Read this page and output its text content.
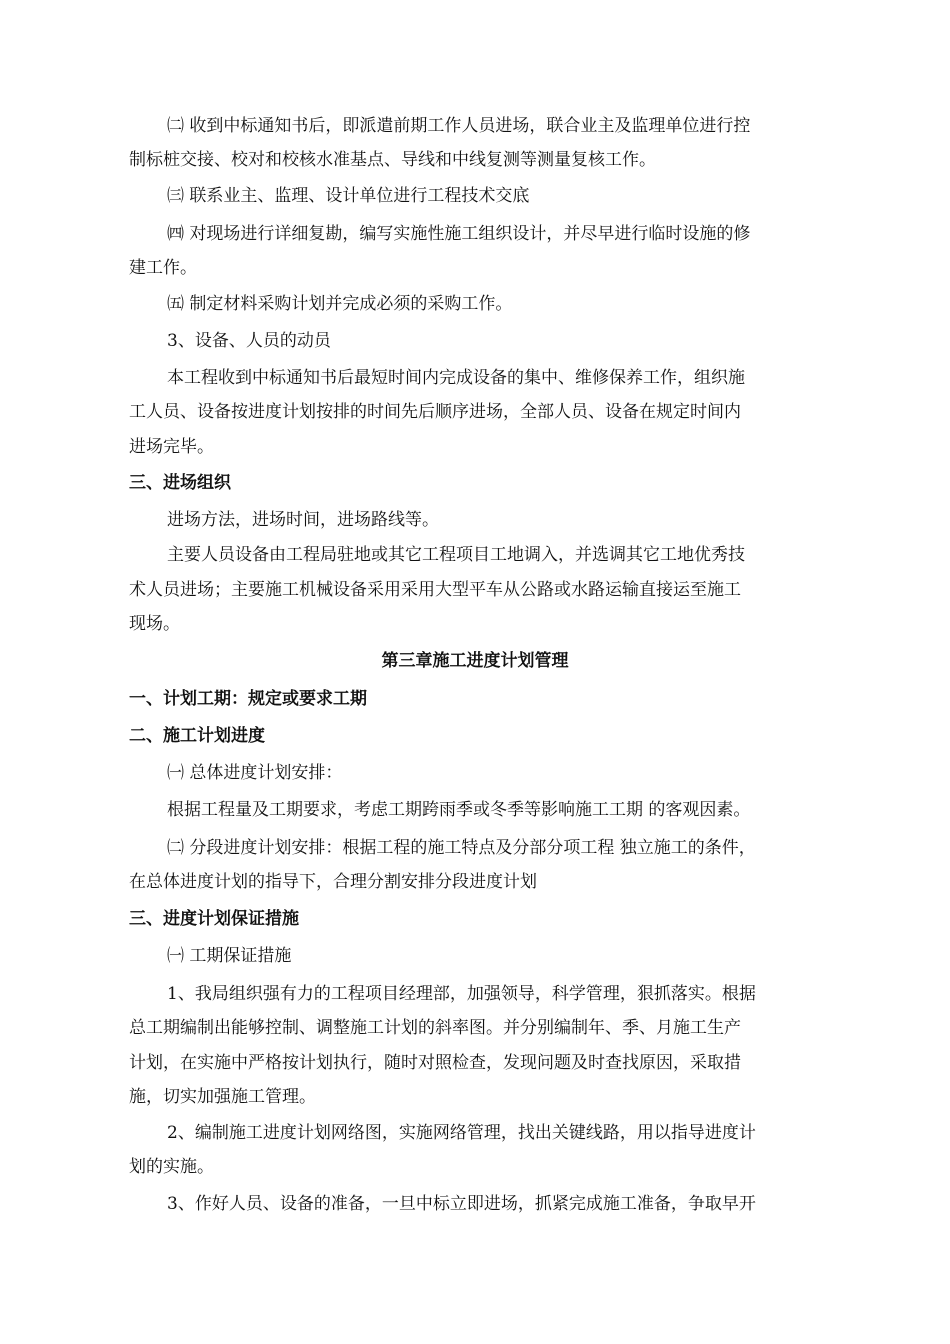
㈡ 收到中标通知书后，即派遣前期工作人员进场，联合业主及监理单位进行控
制标桩交接、校对和校核水准基点、导线和中线复测等测量复核工作。
㈢ 联系业主、监理、设计单位进行工程技术交底
㈣ 对现场进行详细复勘，编写实施性施工组织设计，并尽早进行临时设施的修
建工作。
㈤ 制定材料采购计划并完成必须的采购工作。
3、设备、人员的动员
本工程收到中标通知书后最短时间内完成设备的集中、维修保养工作，组织施
工人员、设备按进度计划按排的时间先后顺序进场，全部人员、设备在规定时间内
进场完毕。
三、进场组织
进场方法，进场时间，进场路线等。
主要人员设备由工程局驻地或其它工程项目工地调入，并选调其它工地优秀技
术人员进场；主要施工机械设备采用采用大型平车从公路或水路运输直接运至施工
现场。
第三章施工进度计划管理
一、计划工期：规定或要求工期
二、施工计划进度
㈠ 总体进度计划安排：
根据工程量及工期要求，考虑工期跨雨季或冬季等影响施工工期 的客观因素。
㈡ 分段进度计划安排：根据工程的施工特点及分部分项工程 独立施工的条件，
在总体进度计划的指导下，合理分割安排分段进度计划
三、进度计划保证措施
㈠ 工期保证措施
1、我局组织强有力的工程项目经理部，加强领导，科学管理，狠抓落实。根据
总工期编制出能够控制、调整施工计划的斜率图。并分别编制年、季、月施工生产
计划，在实施中严格按计划执行，随时对照检查，发现问题及时查找原因，采取措
施，切实加强施工管理。
2、编制施工进度计划网络图，实施网络管理，找出关键线路，用以指导进度计
划的实施。
3、作好人员、设备的准备，一旦中标立即进场，抓紧完成施工准备，争取早开
